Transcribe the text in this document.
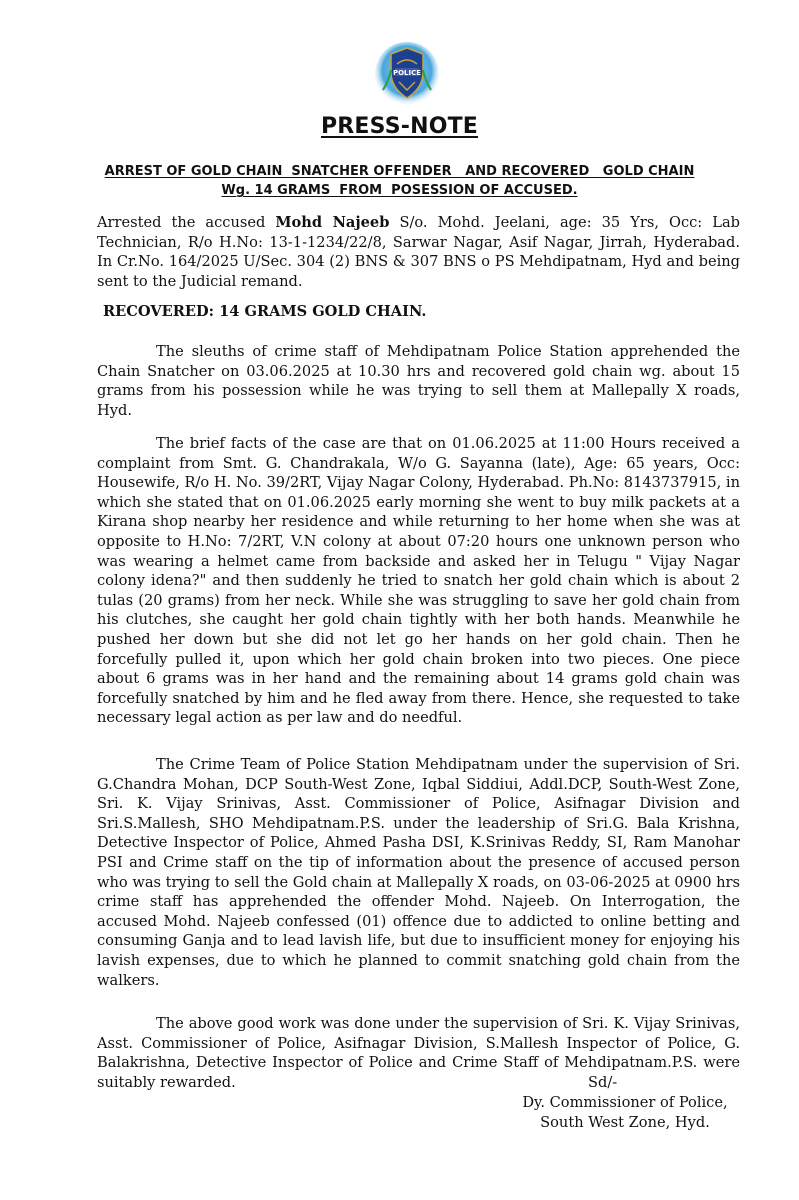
POLICE
PRESS-NOTE
ARREST OF GOLD CHAIN  SNATCHER OFFENDER   AND RECOVERED   GOLD CHAIN
Wg. 14 GRAMS  FROM  POSESSION OF ACCUSED.

Arrested the accused Mohd Najeeb S/o. Mohd. Jeelani, age: 35 Yrs, Occ: Lab Technician, R/o H.No: 13-1-1234/22/8, Sarwar Nagar, Asif Nagar, Jirrah, Hyderabad. In Cr.No. 164/2025 U/Sec. 304 (2) BNS & 307 BNS o PS Mehdipatnam, Hyd and being sent to the Judicial remand.

RECOVERED: 14 GRAMS GOLD CHAIN.

The sleuths of crime staff of Mehdipatnam Police Station apprehended the Chain Snatcher on 03.06.2025 at 10.30 hrs and recovered gold chain wg. about 15 grams from his possession while he was trying to sell them at Mallepally X roads, Hyd.

The brief facts of the case are that on 01.06.2025 at 11:00 Hours received a complaint from Smt. G. Chandrakala, W/o G. Sayanna (late), Age: 65 years, Occ: Housewife, R/o H. No. 39/2RT, Vijay Nagar Colony, Hyderabad. Ph.No: 8143737915, in which she stated that on 01.06.2025 early morning she went to buy milk packets at a Kirana shop nearby her residence and while returning to her home when she was at opposite to H.No: 7/2RT, V.N colony at about 07:20 hours one unknown person who was wearing a helmet came from backside and asked her in Telugu " Vijay Nagar colony idena?" and then suddenly he tried to snatch her gold chain which is about 2 tulas (20 grams) from her neck. While she was struggling to save her gold chain from his clutches, she caught her gold chain tightly with her both hands. Meanwhile he pushed her down but she did not let go her hands on her gold chain. Then he forcefully pulled it, upon which her gold chain broken into two pieces. One piece about 6 grams was in her hand and the remaining about 14 grams gold chain was forcefully snatched by him and he fled away from there. Hence, she requested to take necessary legal action as per law and do needful.

The Crime Team of Police Station Mehdipatnam under the supervision of Sri. G.Chandra Mohan, DCP South-West Zone, Iqbal Siddiui, Addl.DCP, South-West Zone, Sri. K. Vijay Srinivas, Asst. Commissioner of Police, Asifnagar Division and Sri.S.Mallesh, SHO Mehdipatnam.P.S. under the leadership of Sri.G. Bala Krishna, Detective Inspector of Police, Ahmed Pasha DSI, K.Srinivas Reddy, SI, Ram Manohar PSI and Crime staff on the tip of information about the presence of accused person who was trying to sell the Gold chain at Mallepally X roads, on 03-06-2025 at 0900 hrs crime staff has apprehended the offender Mohd. Najeeb. On Interrogation, the accused Mohd. Najeeb confessed (01) offence due to addicted to online betting and consuming Ganja and to lead lavish life, but due to insufficient money for enjoying his lavish expenses, due to which he planned to commit snatching gold chain from the walkers.

The above good work was done under the supervision of Sri. K. Vijay Srinivas, Asst. Commissioner of Police, Asifnagar Division, S.Mallesh Inspector of Police, G. Balakrishna, Detective Inspector of Police and Crime Staff of Mehdipatnam.P.S. were suitably rewarded.	Sd/-
Dy. Commissioner of Police,
South West Zone, Hyd.
